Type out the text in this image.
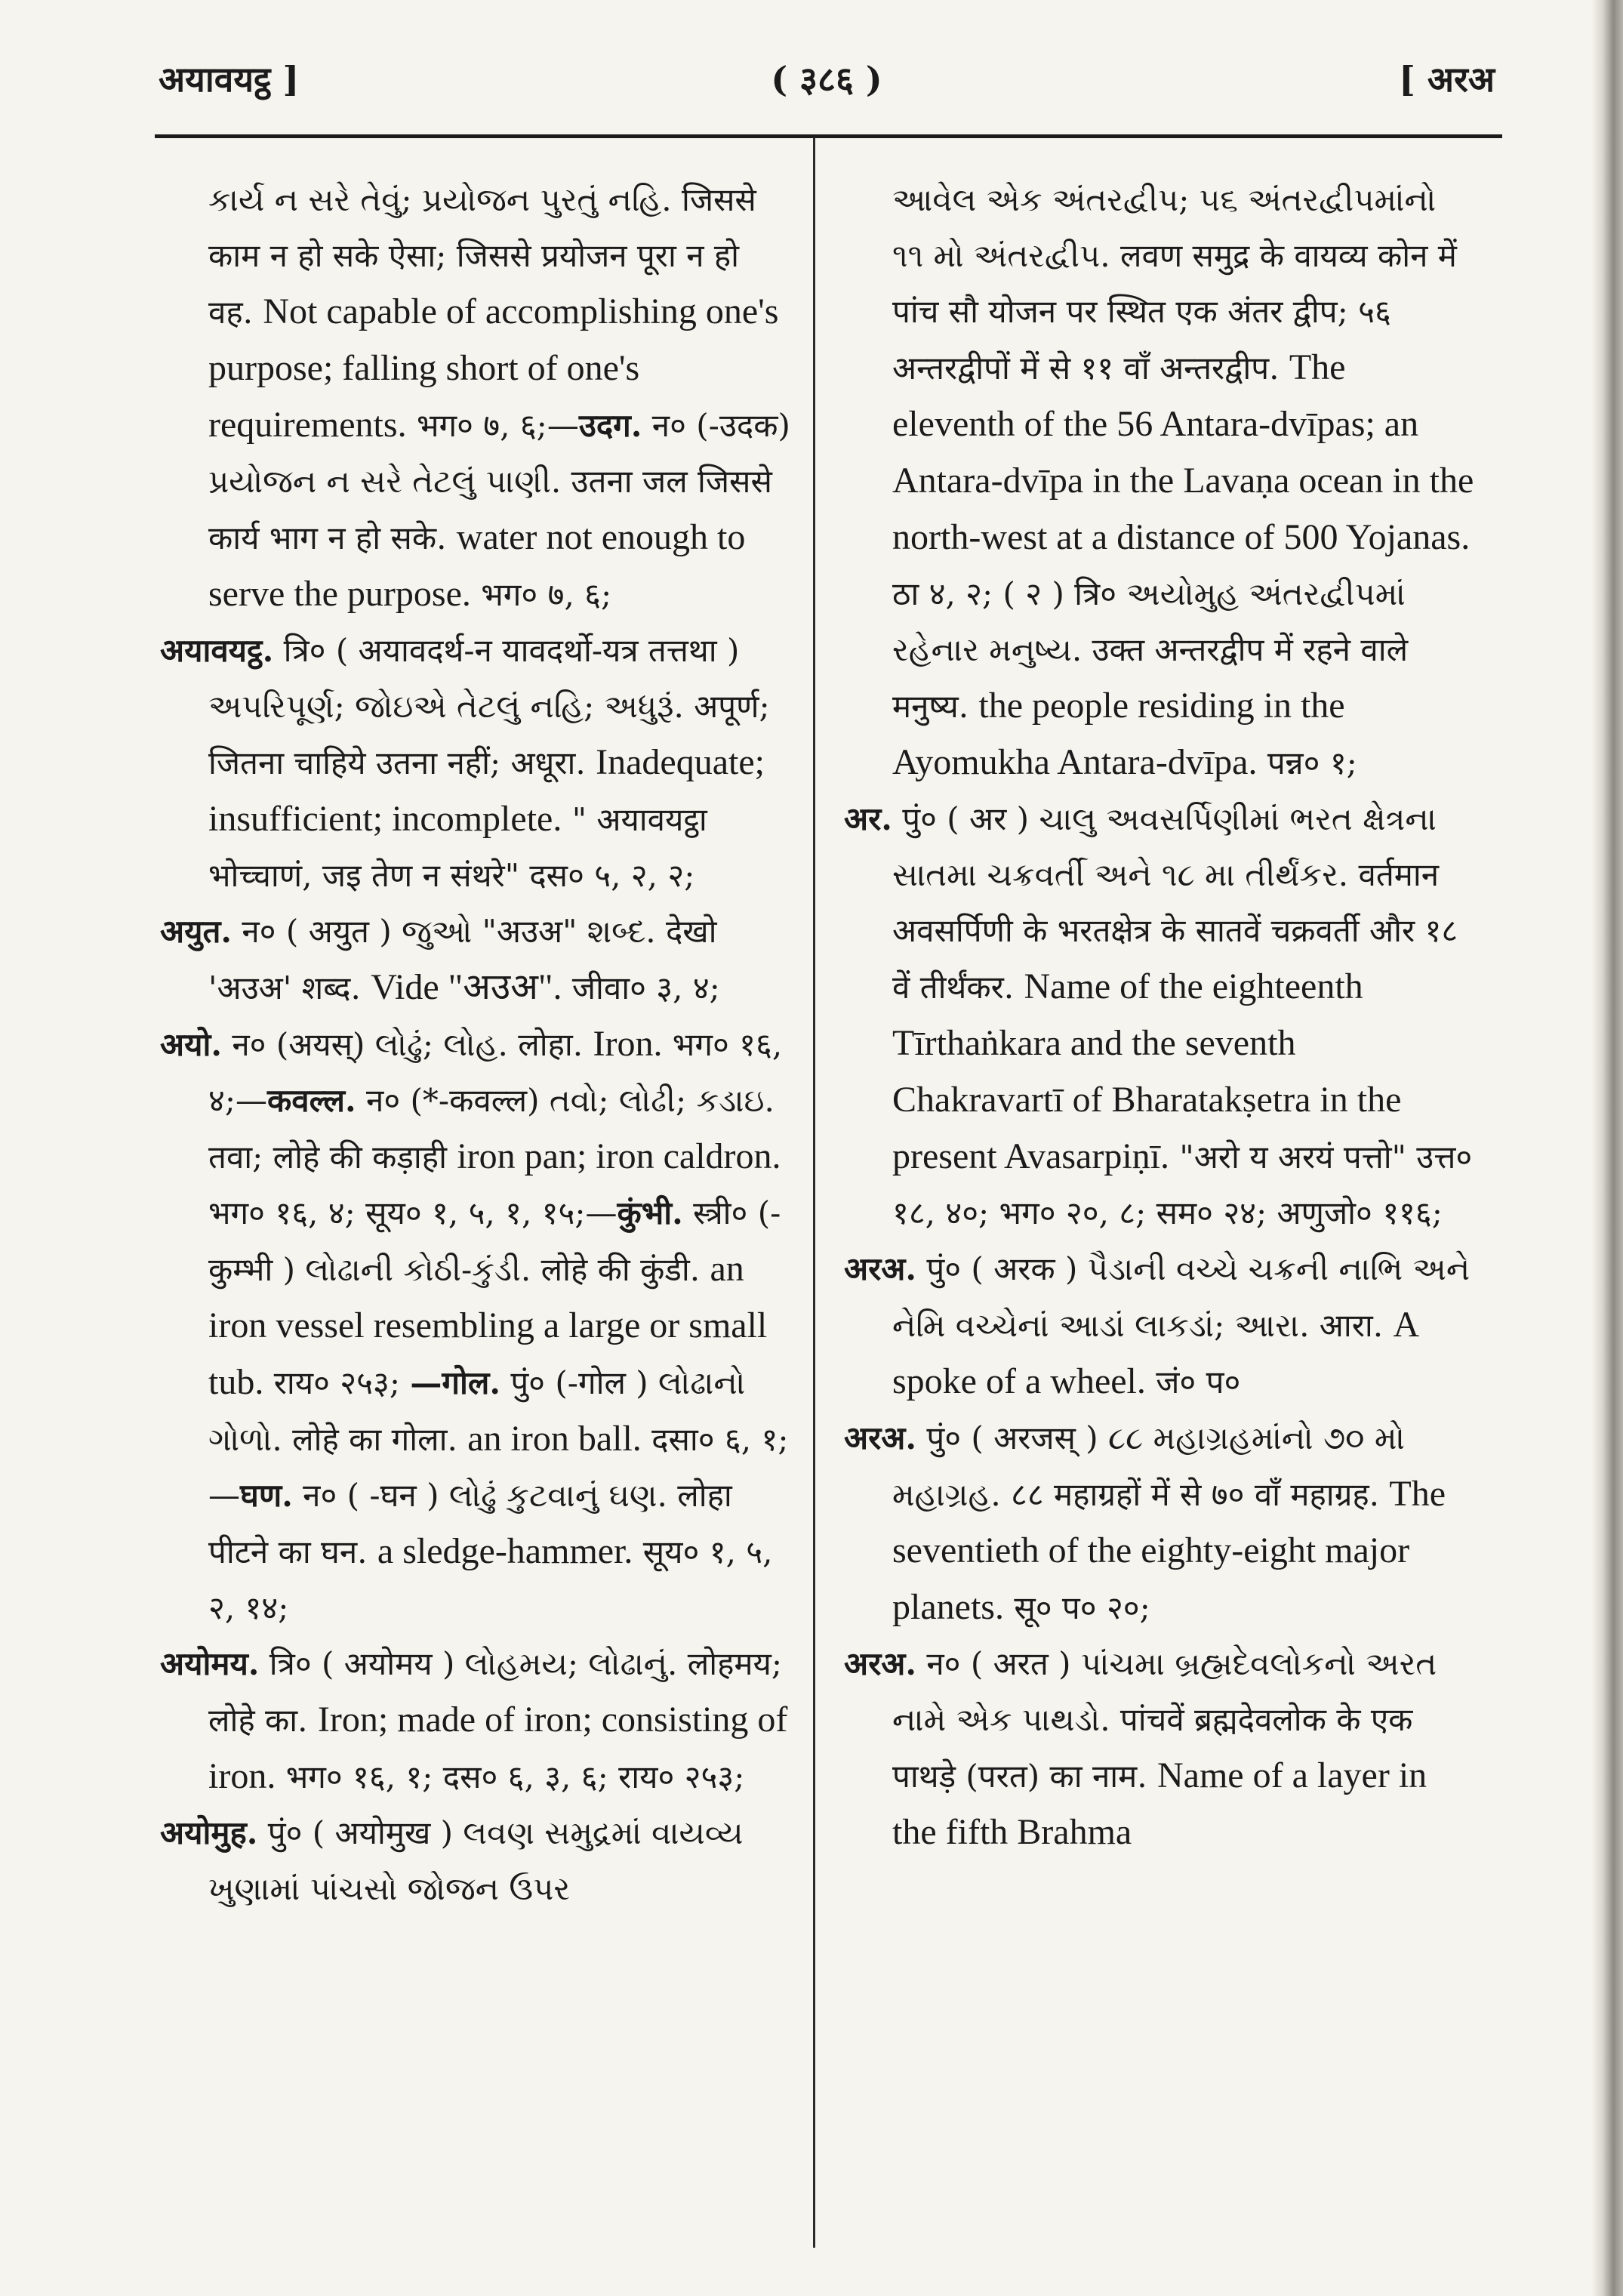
अयावयट्ठ ]	( ३८६ )	[ अरअ

કાર્ય ન સરે તેવું; પ્રયોજન પુરતું નહિ. जिससे काम न हो सके ऐसा; जिससे प्रयोजन पूरा न हो वह. Not capable of accomplishing one's purpose; falling short of one's requirements. भग० ७, ६;—उदग. न० (-उदक) પ્રયોજન ન સરે તેટલું પાણી. उतना जल जिससे कार्य भाग न हो सके. water not enough to serve the purpose. भग० ७, ६;

अयावयट्ठ. त्रि० ( अयावदर्थ-न यावदर्थो-यत्र तत्तथा ) અપરિપૂર્ણ; જોઇએ તેટલું નહિ; અધુરૂં. अपूर्ण; जितना चाहिये उतना नहीं; अधूरा. Inadequate; insufficient; incomplete. " अयावयट्ठा भोच्चाणं, जइ तेण न संथरे" दस० ५, २, २;

अयुत. न० ( अयुत ) જુઓ "अउअ" શબ્દ. देखो 'अउअ' शब्द. Vide "अउअ". जीवा० ३, ४;

अयो. न० (अयस्) લોઢું; લોહ. लोहा. Iron. भग० १६, ४;—कवल्ल. न० (*-कवल्ल) તવો; લોઢી; કડાઇ. तवा; लोहे की कड़ाही iron pan; iron caldron. भग० १६, ४; सूय० १, ५, १, १५;—कुंभी. स्त्री० (-कुम्भी ) લોઢાની કોઠી-કુંડી. लोहे की कुंडी. an iron vessel resembling a large or small tub. राय० २५३; —गोल. पुं० (-गोल ) લોઢાનો ગોળો. लोहे का गोला. an iron ball. दसा० ६, १; —घण. न० ( -घन ) લોઢું કુટવાનું ઘણ. लोहा पीटने का घन. a sledge-hammer. सूय० १, ५, २, १४;

अयोमय. त्रि० ( अयोमय ) લોહમય; લોઢાનું. लोहमय; लोहे का. Iron; made of iron; consisting of iron. भग० १६, १; दस० ६, ३, ६; राय० २५३;

अयोमुह. पुं० ( अयोमुख ) લવણ સમુદ્રમાં વાયવ્ય ખુણામાં પાંચસો જોજન ઉપર

આવેલ એક અંતરદ્વીપ; ૫૬ અંતરદ્વીપમાંનો ૧૧ મો અંતરદ્વીપ. लवण समुद्र के वायव्य कोन में पांच सौ योजन पर स्थित एक अंतर द्वीप; ५६ अन्तरद्वीपों में से ११ वाँ अन्तरद्वीप. The eleventh of the 56 Antara-dvīpas; an Antara-dvīpa in the Lavaṇa ocean in the north-west at a distance of 500 Yojanas. ठा ४, २; ( २ ) त्रि० અયોમુહ અંતરદ્વીપમાં રહેનાર મનુષ્ય. उक्त अन्तरद्वीप में रहने वाले मनुष्य. the people residing in the Ayomukha Antara-dvīpa. पन्न० १;

अर. पुं० ( अर ) ચાલુ અવસર્પિણીમાં ભરત ક્ષેત્રના સાતમા ચક્રવર્તી અને ૧૮ મા તીર્થંકર. वर्तमान अवसर्पिणी के भरतक्षेत्र के सातवें चक्रवर्ती और १८ वें तीर्थंकर. Name of the eighteenth Tīrthaṅkara and the seventh Chakravartī of Bharatakṣetra in the present Avasarpiṇī. "अरो य अरयं पत्तो" उत्त० १८, ४०; भग० २०, ८; सम० २४; अणुजो० ११६;

अरअ. पुं० ( अरक ) પૈડાની વચ્ચે ચક્રની નાભિ અને નેમિ વચ્ચેનાં આડાં લાકડાં; આરા. आरा. A spoke of a wheel. जं० प०

अरअ. पुं० ( अरजस् ) ૮૮ મહાગ્રહમાંનો ૭૦ મો મહાગ્રહ. ८८ महाग्रहों में से ७० वाँ महाग्रह. The seventieth of the eighty-eight major planets. सू० प० २०;

अरअ. न० ( अरत ) પાંચમા બ્રહ્મદેવલોકનો અરત નામે એક પાથડો. पांचवें ब्रह्मदेवलोक के एक पाथड़े (परत) का नाम. Name of a layer in the fifth Brahma
